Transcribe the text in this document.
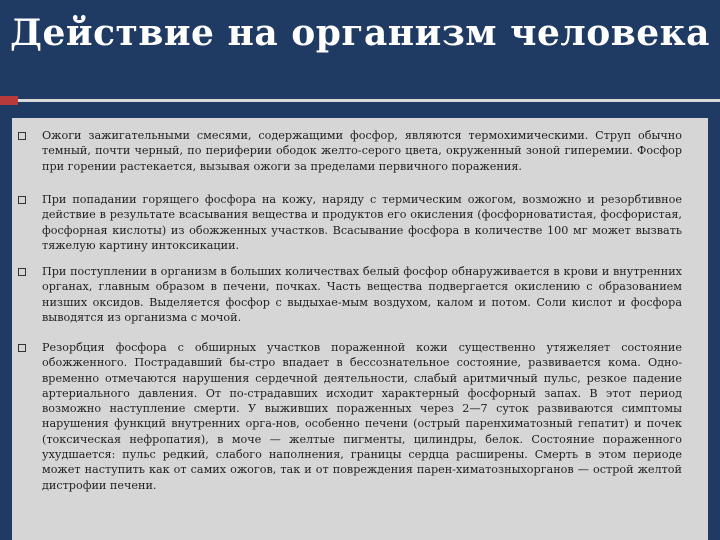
Действие на организм человека
Ожоги зажигательными смесями, содержащими фосфор, являются термохимическими. Струп обычно темный, почти черный, по периферии ободок желто-серого цвета, окруженный зоной гиперемии. Фосфор при горении растекается, вызывая ожоги за пределами первичного поражения.
При попадании горящего фосфора на кожу, наряду с термическим ожогом, возможно и резорбтивное действие в результате всасывания вещества и продуктов его окисления (фосфорноватистая, фосфористая, фосфорная кислоты) из обожженных участков. Всасывание фосфора в количестве 100 мг может вызвать тяжелую картину интоксикации.
При поступлении в организм в больших количествах белый фосфор обнаруживается в крови и внутренних органах, главным образом в печени, почках. Часть вещества подвергается окислению с образованием низших оксидов. Выделяется фосфор с выдыхае-мым воздухом, калом и потом. Соли кислот и фосфора выводятся из организма с мочой.
Резорбция фосфора с обширных участков пораженной кожи существенно утяжеляет состояние обожженного. Пострадавший бы-стро впадает в бессознательное состояние, развивается кома. Одно-временно отмечаются нарушения сердечной деятельности, слабый аритмичный пульс, резкое падение артериального давления. От по-страдавших исходит характерный фосфорный запах. В этот период возможно наступление смерти. У выживших пораженных через 2—7 суток развиваются симптомы нарушения функций внутренних орга-нов, особенно печени (острый паренхиматозный гепатит) и почек (токсическая нефропатия), в моче — желтые пигменты, цилиндры, белок. Состояние пораженного ухудшается: пульс редкий, слабого наполнения, границы сердца расширены. Смерть в этом периоде может наступить как от самих ожогов, так и от повреждения парен-химатозныхорганов — острой желтой дистрофии печени.
